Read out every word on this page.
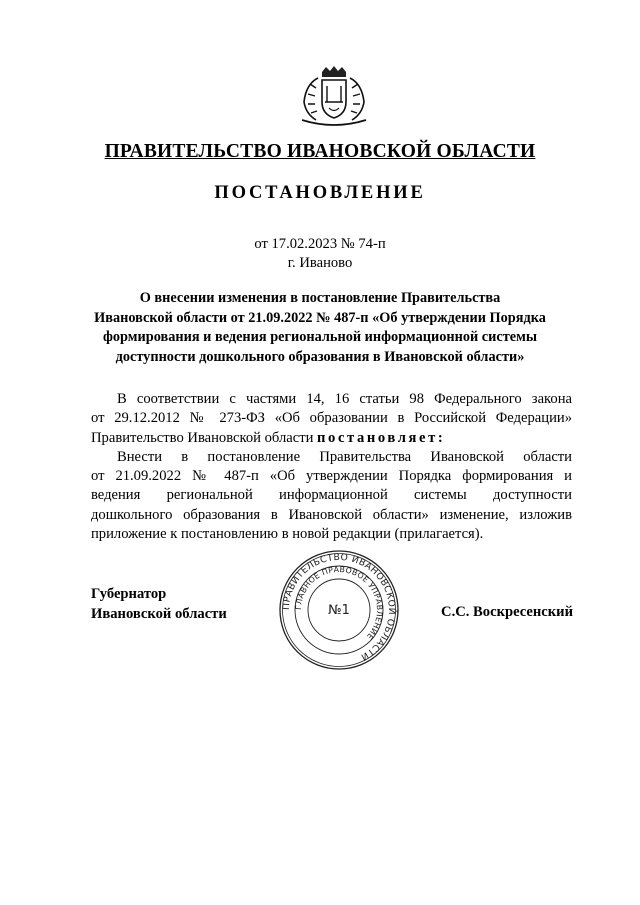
ПРАВИТЕЛЬСТВО ИВАНОВСКОЙ ОБЛАСТИ
ПОСТАНОВЛЕНИЕ
от 17.02.2023 № 74-п
г. Иваново
О внесении изменения в постановление Правительства
Ивановской области от 21.09.2022 № 487-п «Об утверждении Порядка
формирования и ведения региональной информационной системы
доступности дошкольного образования в Ивановской области»
В соответствии с частями 14, 16 статьи 98 Федерального закона
от 29.12.2012 № 273-ФЗ «Об образовании в Российской Федерации»
Правительство Ивановской области постановляет:
Внести в постановление Правительства Ивановской области
от 21.09.2022 № 487-п «Об утверждении Порядка формирования и
ведения региональной информационной системы доступности
дошкольного образования в Ивановской области» изменение, изложив
приложение к постановлению в новой редакции (прилагается).
Губернатор
Ивановской области	ПРАВИТЕЛЬСТВО ИВАНОВСКОЙ ОБЛАСТИ
ГЛАВНОЕ ПРАВОВОЕ УПРАВЛЕНИЕ
№1	С.С. Воскресенский
